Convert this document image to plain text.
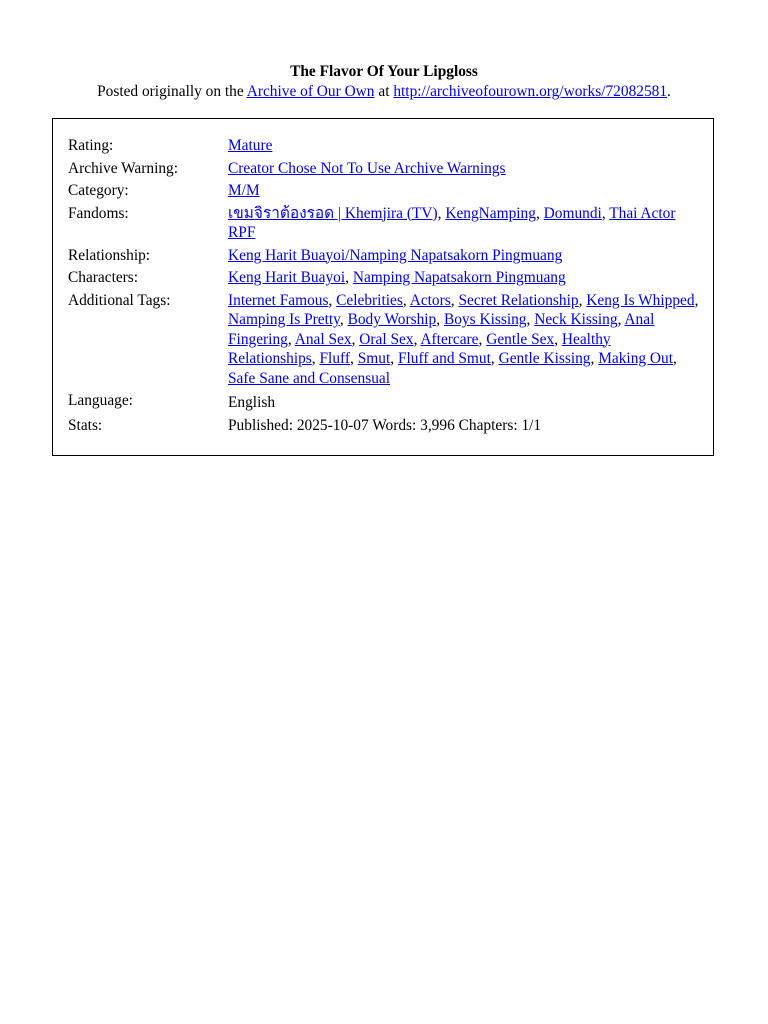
The Flavor Of Your Lipgloss
Posted originally on the Archive of Our Own at http://archiveofourown.org/works/72082581.
Rating:	Mature
Archive Warning:	Creator Chose Not To Use Archive Warnings
Category:	M/M
Fandoms:	เขมจิราต้องรอด | Khemjira (TV), KengNamping, Domundi, Thai Actor RPF
Relationship:	Keng Harit Buayoi/Namping Napatsakorn Pingmuang
Characters:	Keng Harit Buayoi, Namping Napatsakorn Pingmuang
Additional Tags:	Internet Famous, Celebrities, Actors, Secret Relationship, Keng Is Whipped, Namping Is Pretty, Body Worship, Boys Kissing, Neck Kissing, Anal Fingering, Anal Sex, Oral Sex, Aftercare, Gentle Sex, Healthy Relationships, Fluff, Smut, Fluff and Smut, Gentle Kissing, Making Out, Safe Sane and Consensual
Language:	English
Stats:	Published: 2025-10-07 Words: 3,996 Chapters: 1/1
